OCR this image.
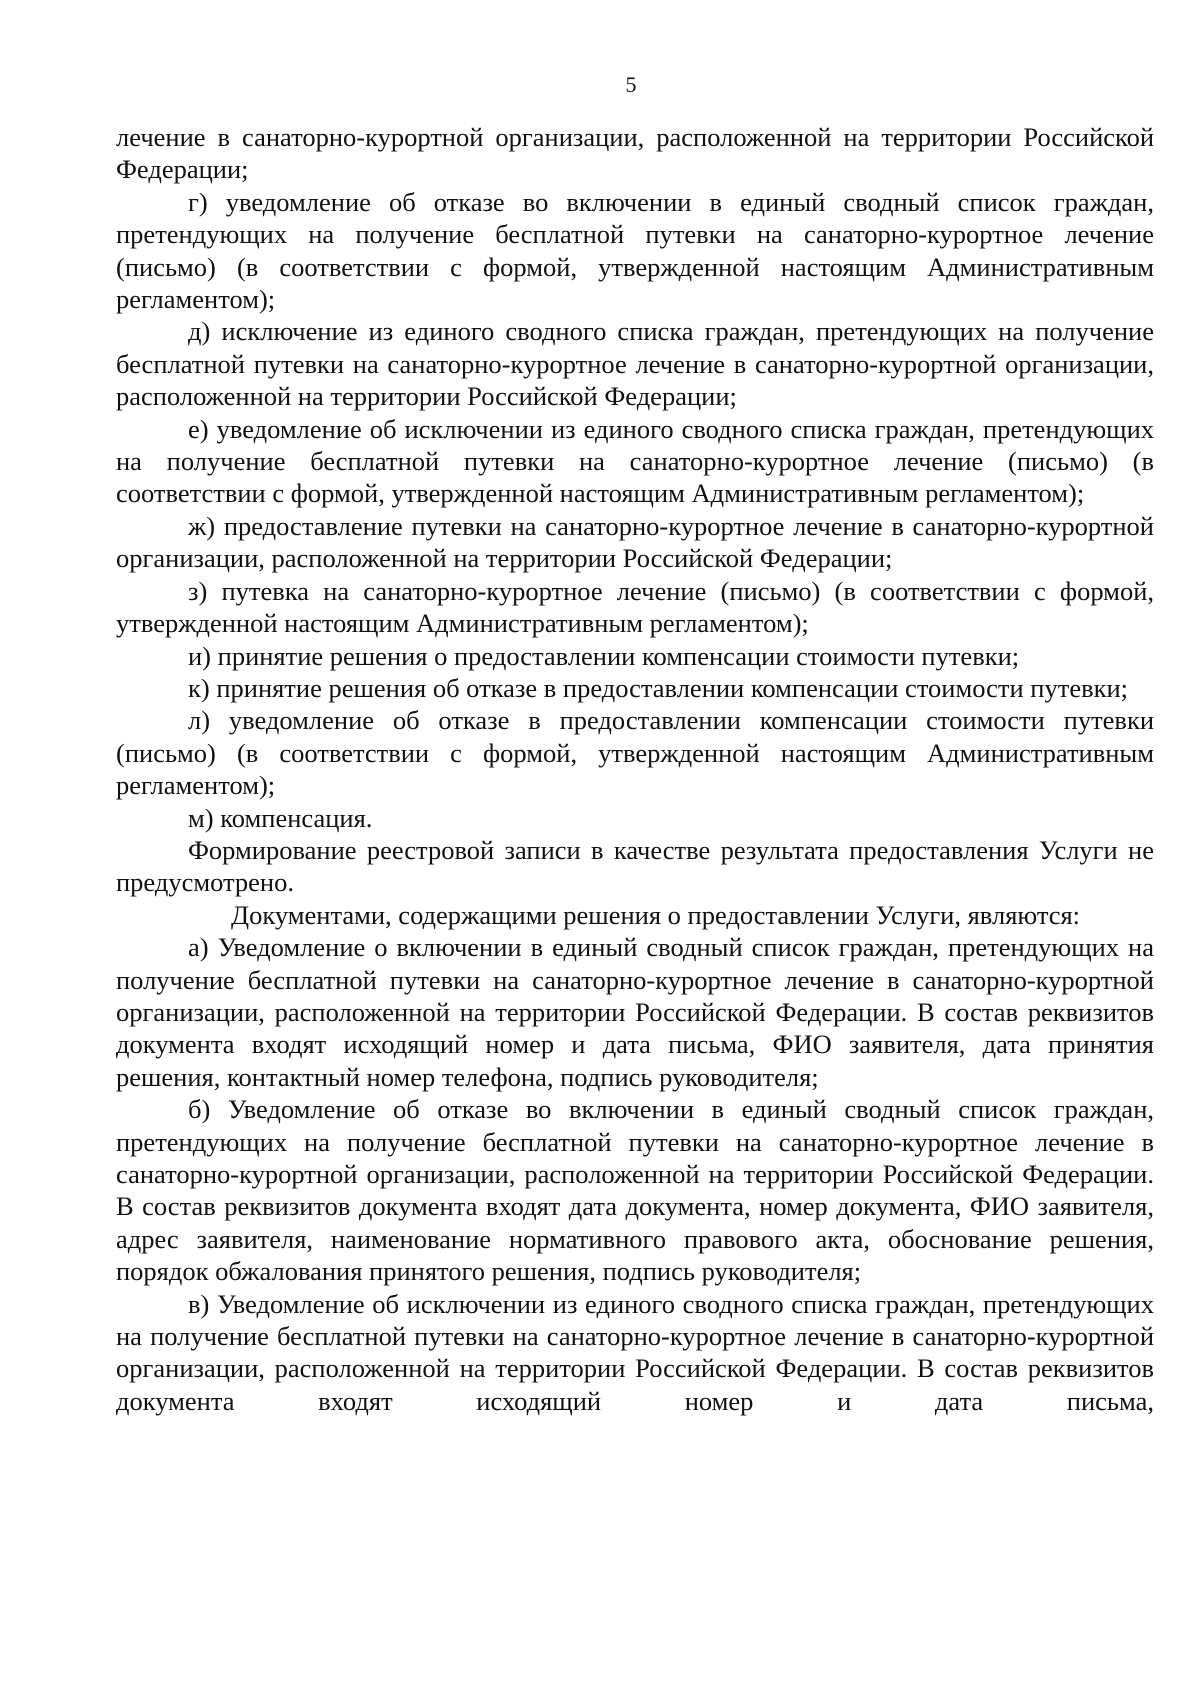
5

лечение в санаторно-курортной организации, расположенной на территории Российской Федерации;

г) уведомление об отказе во включении в единый сводный список граждан, претендующих на получение бесплатной путевки на санаторно-курортное лечение (письмо) (в соответствии с формой, утвержденной настоящим Административным регламентом);

д) исключение из единого сводного списка граждан, претендующих на получение бесплатной путевки на санаторно-курортное лечение в санаторно-курортной организации, расположенной на территории Российской Федерации;

е) уведомление об исключении из единого сводного списка граждан, претендующих на получение бесплатной путевки на санаторно-курортное лечение (письмо) (в соответствии с формой, утвержденной настоящим Административным регламентом);

ж) предоставление путевки на санаторно-курортное лечение в санаторно-курортной организации, расположенной на территории Российской Федерации;

з) путевка на санаторно-курортное лечение (письмо) (в соответствии с формой, утвержденной настоящим Административным регламентом);

и) принятие решения о предоставлении компенсации стоимости путевки;

к) принятие решения об отказе в предоставлении компенсации стоимости путевки;

л) уведомление об отказе в предоставлении компенсации стоимости путевки (письмо) (в соответствии с формой, утвержденной настоящим Административным регламентом);

м) компенсация.

Формирование реестровой записи в качестве результата предоставления Услуги не предусмотрено.

Документами, содержащими решения о предоставлении Услуги, являются:

а) Уведомление о включении в единый сводный список граждан, претендующих на получение бесплатной путевки на санаторно-курортное лечение в санаторно-курортной организации, расположенной на территории Российской Федерации. В состав реквизитов документа входят исходящий номер и дата письма, ФИО заявителя, дата принятия решения, контактный номер телефона, подпись руководителя;

б) Уведомление об отказе во включении в единый сводный список граждан, претендующих на получение бесплатной путевки на санаторно-курортное лечение в санаторно-курортной организации, расположенной на территории Российской Федерации. В состав реквизитов документа входят дата документа, номер документа, ФИО заявителя, адрес заявителя, наименование нормативного правового акта, обоснование решения, порядок обжалования принятого решения, подпись руководителя;

в) Уведомление об исключении из единого сводного списка граждан, претендующих на получение бесплатной путевки на санаторно-курортное лечение в санаторно-курортной организации, расположенной на территории Российской Федерации. В состав реквизитов документа входят исходящий номер и дата письма,
